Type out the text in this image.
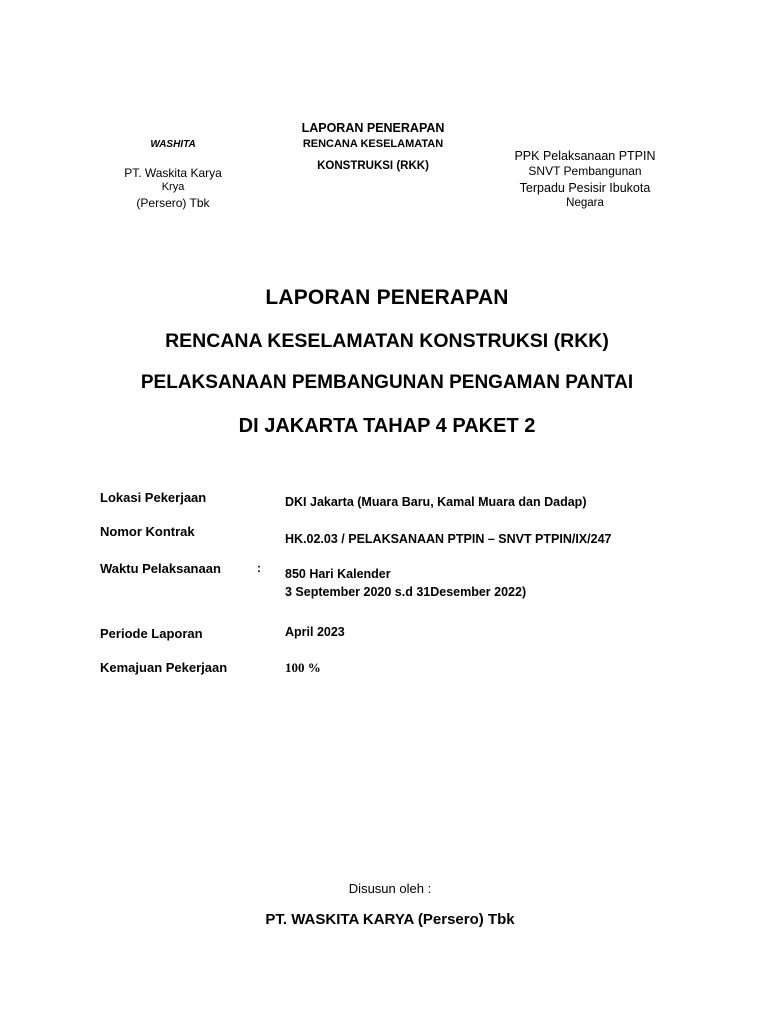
WASHITA
PT. Waskita Karya
Krya
(Persero) Tbk
LAPORAN PENERAPAN
RENCANA KESELAMATAN
KONSTRUKSI (RKK)
PPK Pelaksanaan PTPIN
SNVT Pembangunan
Terpadu Pesisir Ibukota
Negara
LAPORAN PENERAPAN
RENCANA KESELAMATAN KONSTRUKSI (RKK)
PELAKSANAAN PEMBANGUNAN PENGAMAN PANTAI
DI JAKARTA TAHAP 4 PAKET 2
Lokasi Pekerjaan	DKI Jakarta (Muara Baru, Kamal Muara dan Dadap)
Nomor Kontrak	HK.02.03 / PELAKSANAAN PTPIN – SNVT PTPIN/IX/247
Waktu Pelaksanaan	: 850 Hari Kalender
3 September 2020 s.d 31Desember 2022)
Periode Laporan	April 2023
Kemajuan Pekerjaan	100 %
Disusun oleh :
PT. WASKITA KARYA (Persero) Tbk
